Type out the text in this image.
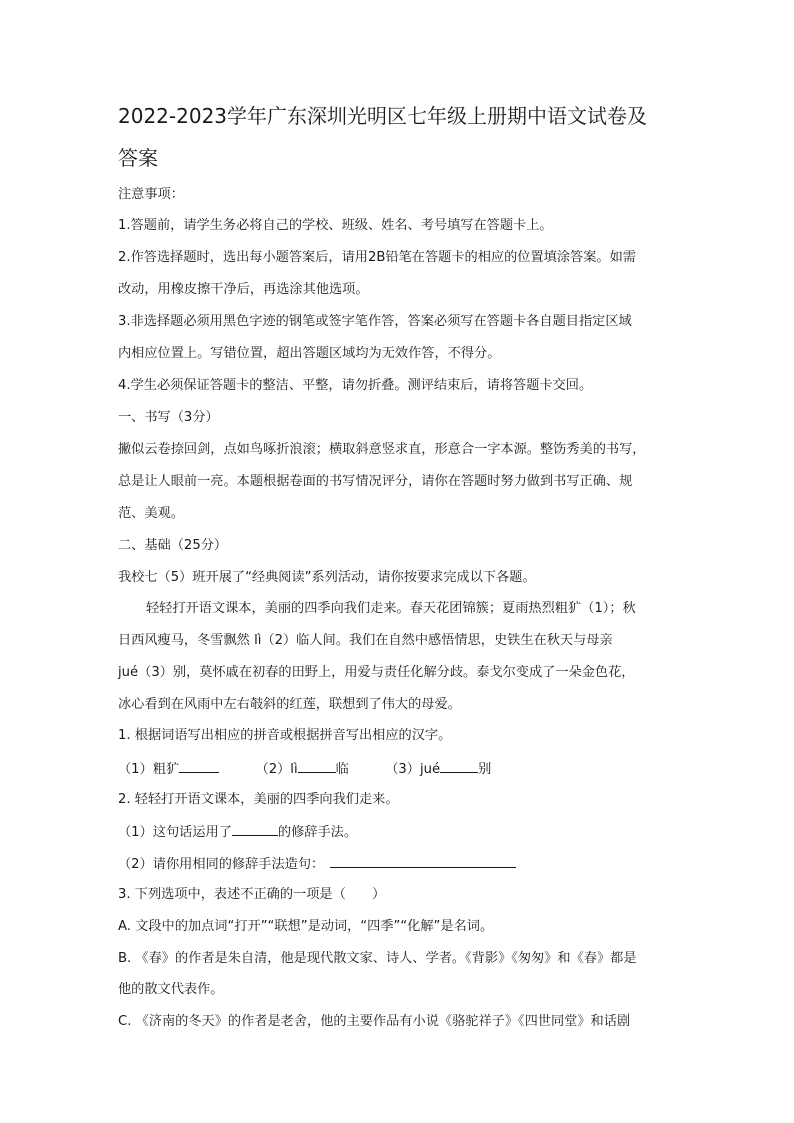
2022-2023学年广东深圳光明区七年级上册期中语文试卷及
答案
注意事项：
1.答题前，请学生务必将自己的学校、班级、姓名、考号填写在答题卡上。
2.作答选择题时，选出每小题答案后，请用2B铅笔在答题卡的相应的位置填涂答案。如需
改动，用橡皮擦干净后，再选涂其他选项。
3.非选择题必须用黑色字迹的钢笔或签字笔作答，答案必须写在答题卡各自题目指定区域
内相应位置上。写错位置，超出答题区域均为无效作答，不得分。
4.学生必须保证答题卡的整洁、平整，请勿折叠。测评结束后，请将答题卡交回。
一、书写（3分）
撇似云卷捺回剑，点如鸟啄折浪滚；横取斜意竖求直，形意合一字本源。整饬秀美的书写，
总是让人眼前一亮。本题根据卷面的书写情况评分，请你在答题时努力做到书写正确、规
范、美观。
二、基础（25分）
我校七（5）班开展了“经典阅读”系列活动，请你按要求完成以下各题。
轻轻打开语文课本，美丽的四季向我们走来。春天花团锦簇；夏雨热烈粗犷（1）；秋
日西风瘦马，冬雪飘然 lì（2）临人间。我们在自然中感悟情思，史铁生在秋天与母亲
jué（3）别，莫怀戚在初春的田野上，用爱与责任化解分歧。泰戈尔变成了一朵金色花，
冰心看到在风雨中左右攲斜的红莲，联想到了伟大的母爱。
1. 根据词语写出相应的拼音或根据拼音写出相应的汉字。
（1）粗犷	（2）lì	临	（3）jué	别
2. 轻轻打开语文课本，美丽的四季向我们走来。
（1）这句话运用了	的修辞手法。
（2）请你用相同的修辞手法造句：
3. 下列选项中，表述不正确的一项是（　　）
A. 文段中的加点词“打开”“联想”是动词，“四季”“化解”是名词。
B. 《春》的作者是朱自清，他是现代散文家、诗人、学者。《背影》《匆匆》和《春》都是
他的散文代表作。
C. 《济南的冬天》的作者是老舍，他的主要作品有小说《骆驼祥子》《四世同堂》和话剧
